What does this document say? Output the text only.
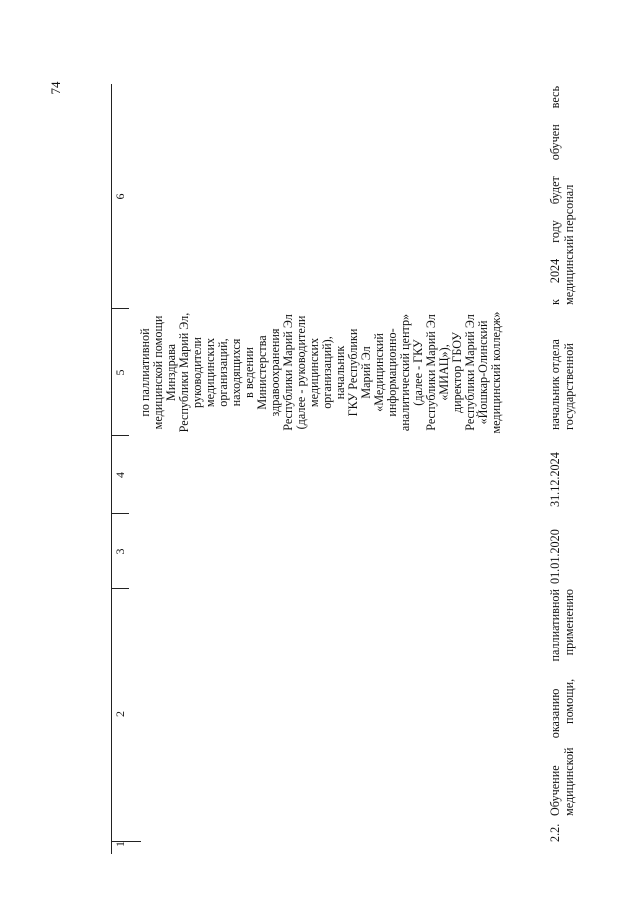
74
1
2
3
4
5
6
по паллиативной медицинской помощи Минздрава Республики Марий Эл, руководители медицинских организаций, находящихся в ведении Министерства здравоохранения Республики Марий Эл (далее - руководители медицинских организаций), начальник ГКУ Республики Марий Эл «Медицинский информационно- аналитический центр» (далее - ГКУ Республики Марий Эл «МИАЦ»), директор ГБОУ Республики Марий Эл «Йошкар-Олинский медицинский колледж»
2.2.
Обучение оказанию паллиативной медицинской помощи, применению
01.01.2020
31.12.2024
начальник отдела государственной
к 2024 году будет обучен весь медицинский персонал
